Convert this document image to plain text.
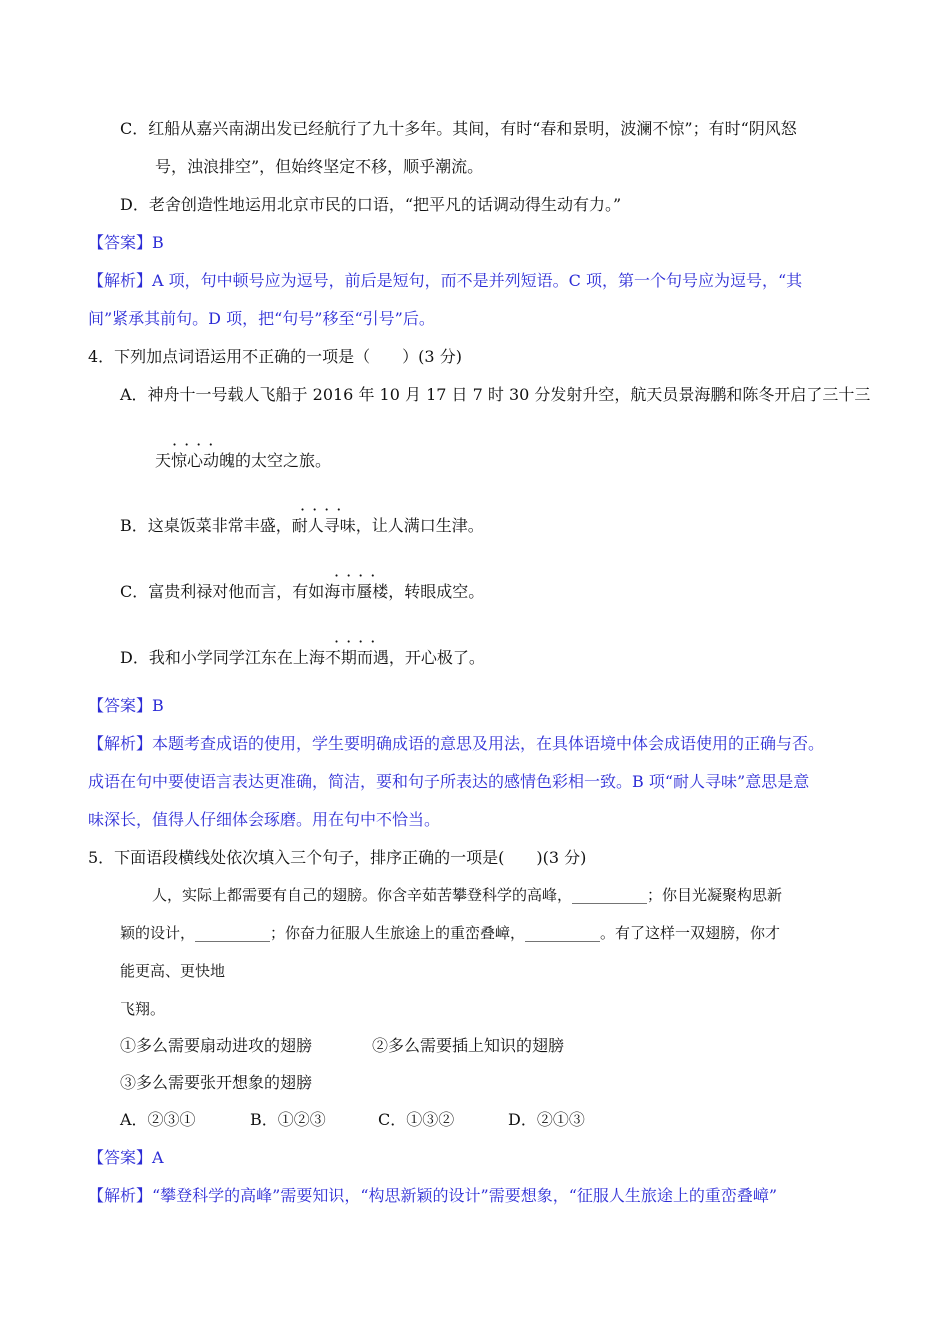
C．红船从嘉兴南湖出发已经航行了九十多年。其间，有时“春和景明，波澜不惊”；有时“阴风怒
号，浊浪排空”，但始终坚定不移，顺乎潮流。
D．老舍创造性地运用北京市民的口语，“把平凡的话调动得生动有力。”
【答案】B
【解析】A 项，句中顿号应为逗号，前后是短句，而不是并列短语。C 项，第一个句号应为逗号，“其
间”紧承其前句。D 项，把“句号”移至“引号”后。
4．下列加点词语运用不正确的一项是（　　）(3 分)
A．神舟十一号载人飞船于 2016 年 10 月 17 日 7 时 30 分发射升空，航天员景海鹏和陈冬开启了三十三
····
天惊心动魄的太空之旅。
····
B．这桌饭菜非常丰盛，耐人寻味，让人满口生津。
····
C．富贵利禄对他而言，有如海市蜃楼，转眼成空。
····
D．我和小学同学江东在上海不期而遇，开心极了。
【答案】B
【解析】本题考查成语的使用，学生要明确成语的意思及用法，在具体语境中体会成语使用的正确与否。
成语在句中要使语言表达更准确，简洁，要和句子所表达的感情色彩相一致。B 项“耐人寻味”意思是意
味深长，值得人仔细体会琢磨。用在句中不恰当。
5．下面语段横线处依次填入三个句子，排序正确的一项是(　　)(3 分)
人，实际上都需要有自己的翅膀。你含辛茹苦攀登科学的高峰，__________；你目光凝聚构思新
颖的设计，__________；你奋力征服人生旅途上的重峦叠嶂，__________。有了这样一双翅膀，你才
能更高、更快地
飞翔。
①多么需要扇动进攻的翅膀	②多么需要插上知识的翅膀
③多么需要张开想象的翅膀
A．②③①	B．①②③	C．①③②	D．②①③
【答案】A
【解析】“攀登科学的高峰”需要知识，“构思新颖的设计”需要想象，“征服人生旅途上的重峦叠嶂”
